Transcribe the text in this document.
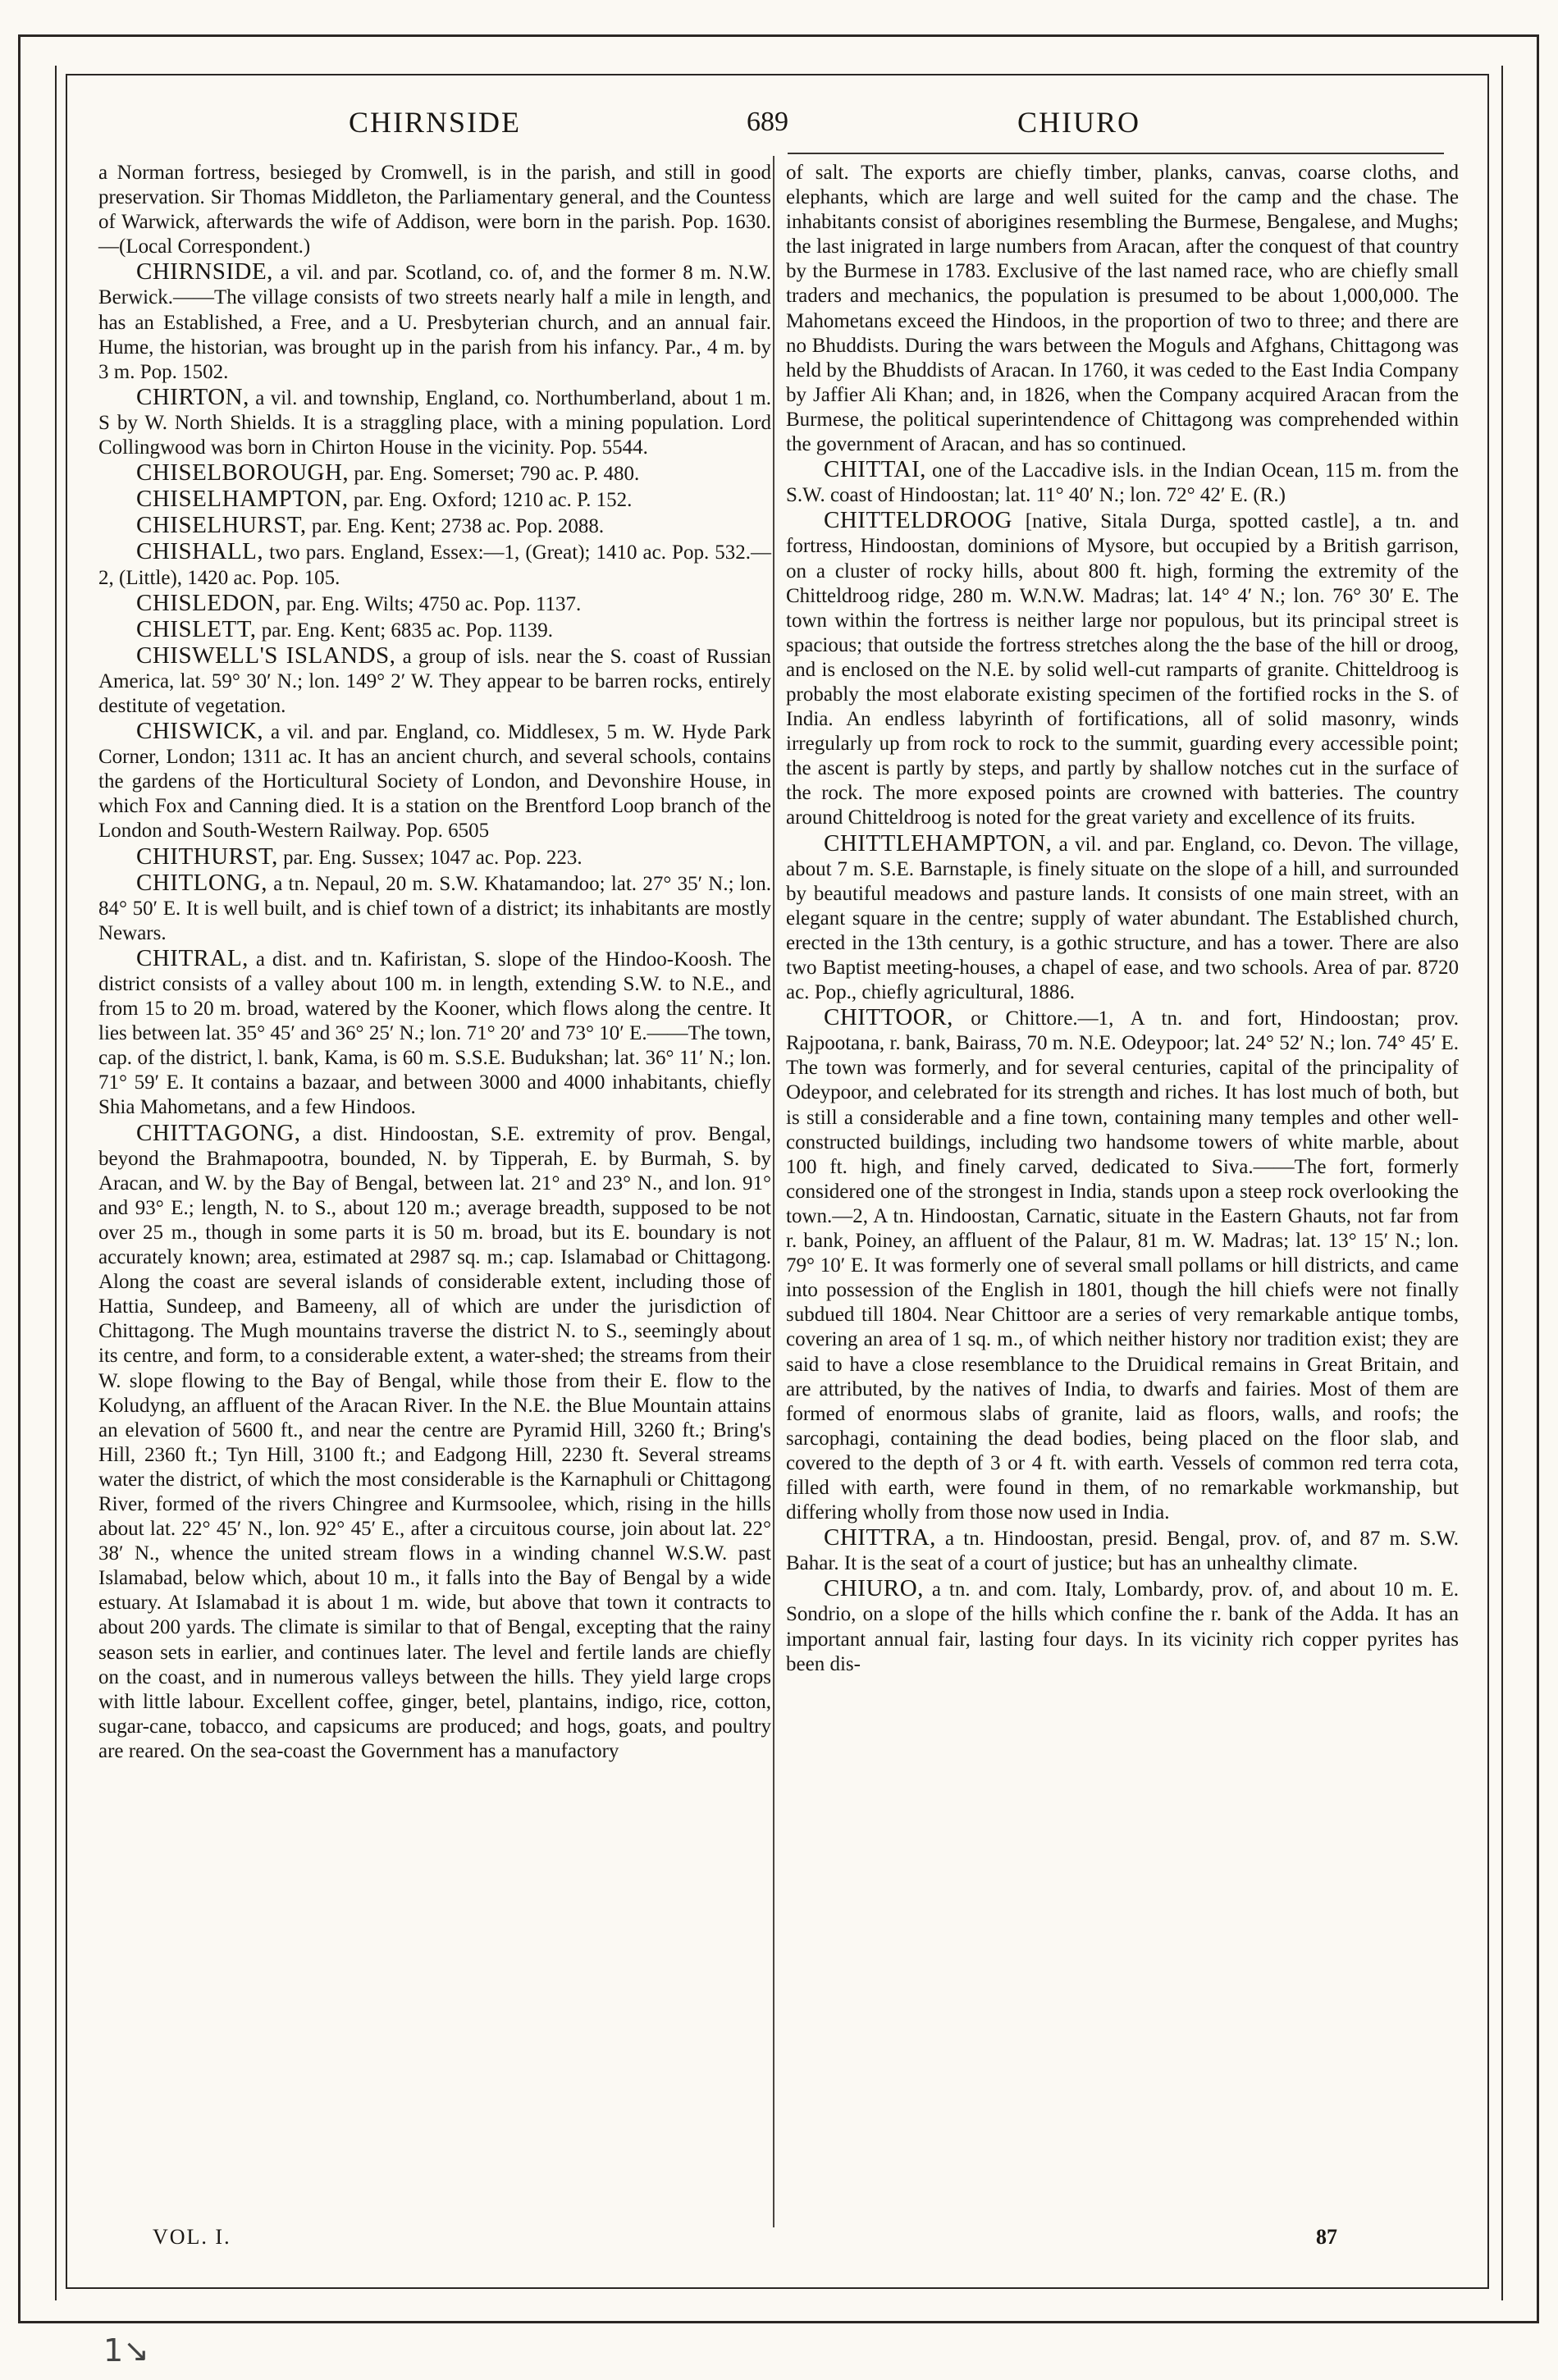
CHIRNSIDE	689	CHIURO

a Norman fortress, besieged by Cromwell, is in the parish, and still in good preservation. Sir Thomas Middleton, the Parliamentary general, and the Countess of Warwick, afterwards the wife of Addison, were born in the parish. Pop. 1630.—(Local Correspondent.)

CHIRNSIDE, a vil. and par. Scotland, co. of, and the former 8 m. N.W. Berwick.——The village consists of two streets nearly half a mile in length, and has an Established, a Free, and a U. Presbyterian church, and an annual fair. Hume, the historian, was brought up in the parish from his infancy. Par., 4 m. by 3 m. Pop. 1502.

CHIRTON, a vil. and township, England, co. Northumberland, about 1 m. S by W. North Shields. It is a straggling place, with a mining population. Lord Collingwood was born in Chirton House in the vicinity. Pop. 5544.

CHISELBOROUGH, par. Eng. Somerset; 790 ac. P. 480.

CHISELHAMPTON, par. Eng. Oxford; 1210 ac. P. 152.

CHISELHURST, par. Eng. Kent; 2738 ac. Pop. 2088.

CHISHALL, two pars. England, Essex:—1, (Great); 1410 ac. Pop. 532.—2, (Little), 1420 ac. Pop. 105.

CHISLEDON, par. Eng. Wilts; 4750 ac. Pop. 1137.

CHISLETT, par. Eng. Kent; 6835 ac. Pop. 1139.

CHISWELL'S ISLANDS, a group of isls. near the S. coast of Russian America, lat. 59° 30′ N.; lon. 149° 2′ W. They appear to be barren rocks, entirely destitute of vegetation.

CHISWICK, a vil. and par. England, co. Middlesex, 5 m. W. Hyde Park Corner, London; 1311 ac. It has an ancient church, and several schools, contains the gardens of the Horticultural Society of London, and Devonshire House, in which Fox and Canning died. It is a station on the Brentford Loop branch of the London and South-Western Railway. Pop. 6505

CHITHURST, par. Eng. Sussex; 1047 ac. Pop. 223.

CHITLONG, a tn. Nepaul, 20 m. S.W. Khatamandoo; lat. 27° 35′ N.; lon. 84° 50′ E. It is well built, and is chief town of a district; its inhabitants are mostly Newars.

CHITRAL, a dist. and tn. Kafiristan, S. slope of the Hindoo-Koosh. The district consists of a valley about 100 m. in length, extending S.W. to N.E., and from 15 to 20 m. broad, watered by the Kooner, which flows along the centre. It lies between lat. 35° 45′ and 36° 25′ N.; lon. 71° 20′ and 73° 10′ E.——The town, cap. of the district, l. bank, Kama, is 60 m. S.S.E. Budukshan; lat. 36° 11′ N.; lon. 71° 59′ E. It contains a bazaar, and between 3000 and 4000 inhabitants, chiefly Shia Mahometans, and a few Hindoos.

CHITTAGONG, a dist. Hindoostan, S.E. extremity of prov. Bengal, beyond the Brahmapootra, bounded, N. by Tipperah, E. by Burmah, S. by Aracan, and W. by the Bay of Bengal, between lat. 21° and 23° N., and lon. 91° and 93° E.; length, N. to S., about 120 m.; average breadth, supposed to be not over 25 m., though in some parts it is 50 m. broad, but its E. boundary is not accurately known; area, estimated at 2987 sq. m.; cap. Islamabad or Chittagong. Along the coast are several islands of considerable extent, including those of Hattia, Sundeep, and Bameeny, all of which are under the jurisdiction of Chittagong. The Mugh mountains traverse the district N. to S., seemingly about its centre, and form, to a considerable extent, a water-shed; the streams from their W. slope flowing to the Bay of Bengal, while those from their E. flow to the Koludyng, an affluent of the Aracan River. In the N.E. the Blue Mountain attains an elevation of 5600 ft., and near the centre are Pyramid Hill, 3260 ft.; Bring's Hill, 2360 ft.; Tyn Hill, 3100 ft.; and Eadgong Hill, 2230 ft. Several streams water the district, of which the most considerable is the Karnaphuli or Chittagong River, formed of the rivers Chingree and Kurmsoolee, which, rising in the hills about lat. 22° 45′ N., lon. 92° 45′ E., after a circuitous course, join about lat. 22° 38′ N., whence the united stream flows in a winding channel W.S.W. past Islamabad, below which, about 10 m., it falls into the Bay of Bengal by a wide estuary. At Islamabad it is about 1 m. wide, but above that town it contracts to about 200 yards. The climate is similar to that of Bengal, excepting that the rainy season sets in earlier, and continues later. The level and fertile lands are chiefly on the coast, and in numerous valleys between the hills. They yield large crops with little labour. Excellent coffee, ginger, betel, plantains, indigo, rice, cotton, sugar-cane, tobacco, and capsicums are produced; and hogs, goats, and poultry are reared. On the sea-coast the Government has a manufactory

of salt. The exports are chiefly timber, planks, canvas, coarse cloths, and elephants, which are large and well suited for the camp and the chase. The inhabitants consist of aborigines resembling the Burmese, Bengalese, and Mughs; the last inigrated in large numbers from Aracan, after the conquest of that country by the Burmese in 1783. Exclusive of the last named race, who are chiefly small traders and mechanics, the population is presumed to be about 1,000,000. The Mahometans exceed the Hindoos, in the proportion of two to three; and there are no Bhuddists. During the wars between the Moguls and Afghans, Chittagong was held by the Bhuddists of Aracan. In 1760, it was ceded to the East India Company by Jaffier Ali Khan; and, in 1826, when the Company acquired Aracan from the Burmese, the political superintendence of Chittagong was comprehended within the government of Aracan, and has so continued.

CHITTAI, one of the Laccadive isls. in the Indian Ocean, 115 m. from the S.W. coast of Hindoostan; lat. 11° 40′ N.; lon. 72° 42′ E. (R.)

CHITTELDROOG [native, Sitala Durga, spotted castle], a tn. and fortress, Hindoostan, dominions of Mysore, but occupied by a British garrison, on a cluster of rocky hills, about 800 ft. high, forming the extremity of the Chitteldroog ridge, 280 m. W.N.W. Madras; lat. 14° 4′ N.; lon. 76° 30′ E. The town within the fortress is neither large nor populous, but its principal street is spacious; that outside the fortress stretches along the the base of the hill or droog, and is enclosed on the N.E. by solid well-cut ramparts of granite. Chitteldroog is probably the most elaborate existing specimen of the fortified rocks in the S. of India. An endless labyrinth of fortifications, all of solid masonry, winds irregularly up from rock to rock to the summit, guarding every accessible point; the ascent is partly by steps, and partly by shallow notches cut in the surface of the rock. The more exposed points are crowned with batteries. The country around Chitteldroog is noted for the great variety and excellence of its fruits.

CHITTLEHAMPTON, a vil. and par. England, co. Devon. The village, about 7 m. S.E. Barnstaple, is finely situate on the slope of a hill, and surrounded by beautiful meadows and pasture lands. It consists of one main street, with an elegant square in the centre; supply of water abundant. The Established church, erected in the 13th century, is a gothic structure, and has a tower. There are also two Baptist meeting-houses, a chapel of ease, and two schools. Area of par. 8720 ac. Pop., chiefly agricultural, 1886.

CHITTOOR, or Chittore.—1, A tn. and fort, Hindoostan; prov. Rajpootana, r. bank, Bairass, 70 m. N.E. Odeypoor; lat. 24° 52′ N.; lon. 74° 45′ E. The town was formerly, and for several centuries, capital of the principality of Odeypoor, and celebrated for its strength and riches. It has lost much of both, but is still a considerable and a fine town, containing many temples and other well-constructed buildings, including two handsome towers of white marble, about 100 ft. high, and finely carved, dedicated to Siva.——The fort, formerly considered one of the strongest in India, stands upon a steep rock overlooking the town.—2, A tn. Hindoostan, Carnatic, situate in the Eastern Ghauts, not far from r. bank, Poiney, an affluent of the Palaur, 81 m. W. Madras; lat. 13° 15′ N.; lon. 79° 10′ E. It was formerly one of several small pollams or hill districts, and came into possession of the English in 1801, though the hill chiefs were not finally subdued till 1804. Near Chittoor are a series of very remarkable antique tombs, covering an area of 1 sq. m., of which neither history nor tradition exist; they are said to have a close resemblance to the Druidical remains in Great Britain, and are attributed, by the natives of India, to dwarfs and fairies. Most of them are formed of enormous slabs of granite, laid as floors, walls, and roofs; the sarcophagi, containing the dead bodies, being placed on the floor slab, and covered to the depth of 3 or 4 ft. with earth. Vessels of common red terra cota, filled with earth, were found in them, of no remarkable workmanship, but differing wholly from those now used in India.

CHITTRA, a tn. Hindoostan, presid. Bengal, prov. of, and 87 m. S.W. Bahar. It is the seat of a court of justice; but has an unhealthy climate.

CHIURO, a tn. and com. Italy, Lombardy, prov. of, and about 10 m. E. Sondrio, on a slope of the hills which confine the r. bank of the Adda. It has an important annual fair, lasting four days. In its vicinity rich copper pyrites has been dis-

VOL. I.	87
1↘
